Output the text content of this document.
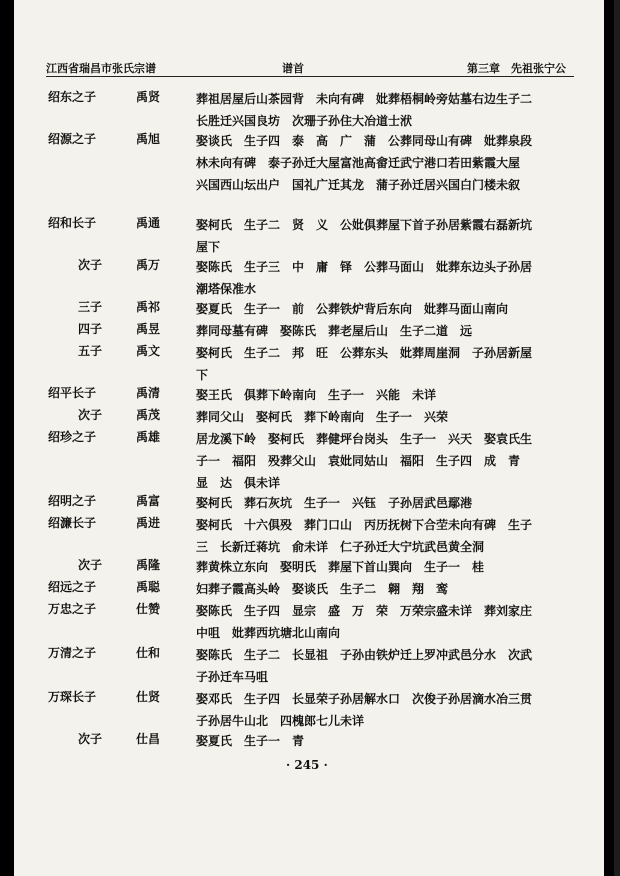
江西省瑞昌市张氏宗谱	谱首	第三章　先祖张宁公
绍东之子	禹贤	葬祖居屋后山茶园背　未向有碑　妣葬梧桐岭旁姑墓右边生子二　长胜迁兴国良坊　次珊子孙住大冶道士洑
绍源之子	禹旭	娶谈氏　生子四　泰　高　广　蒲　公葬同母山有碑　妣葬泉段林未向有碑　泰子孙迁大屋富池高畲迁武宁港口若田紫霞大屋　兴国西山坛出户　国礼广迁其龙　蒲子孙迁居兴国白门楼未叙
绍和长子	禹通	娶柯氏　生子二　贤　义　公妣俱葬屋下首子孙居紫霞右磊新坑屋下
次子	禹万	娶陈氏　生子三　中　庸　铎　公葬马面山　妣葬东边头子孙居潮塔保准水
三子	禹祁	娶夏氏　生子一　前　公葬铁炉背后东向　妣葬马面山南向
四子	禹昱	葬同母墓有碑　娶陈氏　葬老屋后山　生子二道　远
五子	禹文	娶柯氏　生子二　邦　旺　公葬东头　妣葬周崖洞　子孙居新屋下
绍平长子	禹清	娶王氏　俱葬下岭南向　生子一　兴能　未详
次子	禹茂	葬同父山　娶柯氏　葬下岭南向　生子一　兴荣
绍珍之子	禹雄	居龙溪下岭　娶柯氏　葬健坪台岗头　生子一　兴天　娶袁氏生子一　福阳　殁葬父山　袁妣同姑山　福阳　生子四　成　青　显　达　俱未详
绍明之子	禹富	娶柯氏　葬石灰坑　生子一　兴钰　子孙居武邑鄢港
绍濂长子	禹进	娶柯氏　十六俱殁　葬门口山　丙历抚树下合茔未向有碑　生子三　长新迁蒋坑　俞未详　仁子孙迁大宁坑武邑黄全洞
次子	禹隆	葬黄株立东向　娶明氏　葬屋下首山巽向　生子一　桂
绍远之子	禹聪	妇葬子霞高头岭　娶谈氏　生子二　翱　翔　鸾
万忠之子	仕赞	娶陈氏　生子四　显宗　盛　万　荣　万荣宗盛未详　葬刘家庄中咀　妣葬西坑塘北山南向
万清之子	仕和	娶陈氏　生子二　长显祖　子孙由铁炉迁上罗冲武邑分水　次武子孙迁车马咀
万琛长子	仕贤	娶邓氏　生子四　长显荣子孙居解水口　次俊子孙居滴水冶三贯子孙居牛山北　四槐郎七儿未详
次子	仕昌	娶夏氏　生子一　青
· 245 ·
